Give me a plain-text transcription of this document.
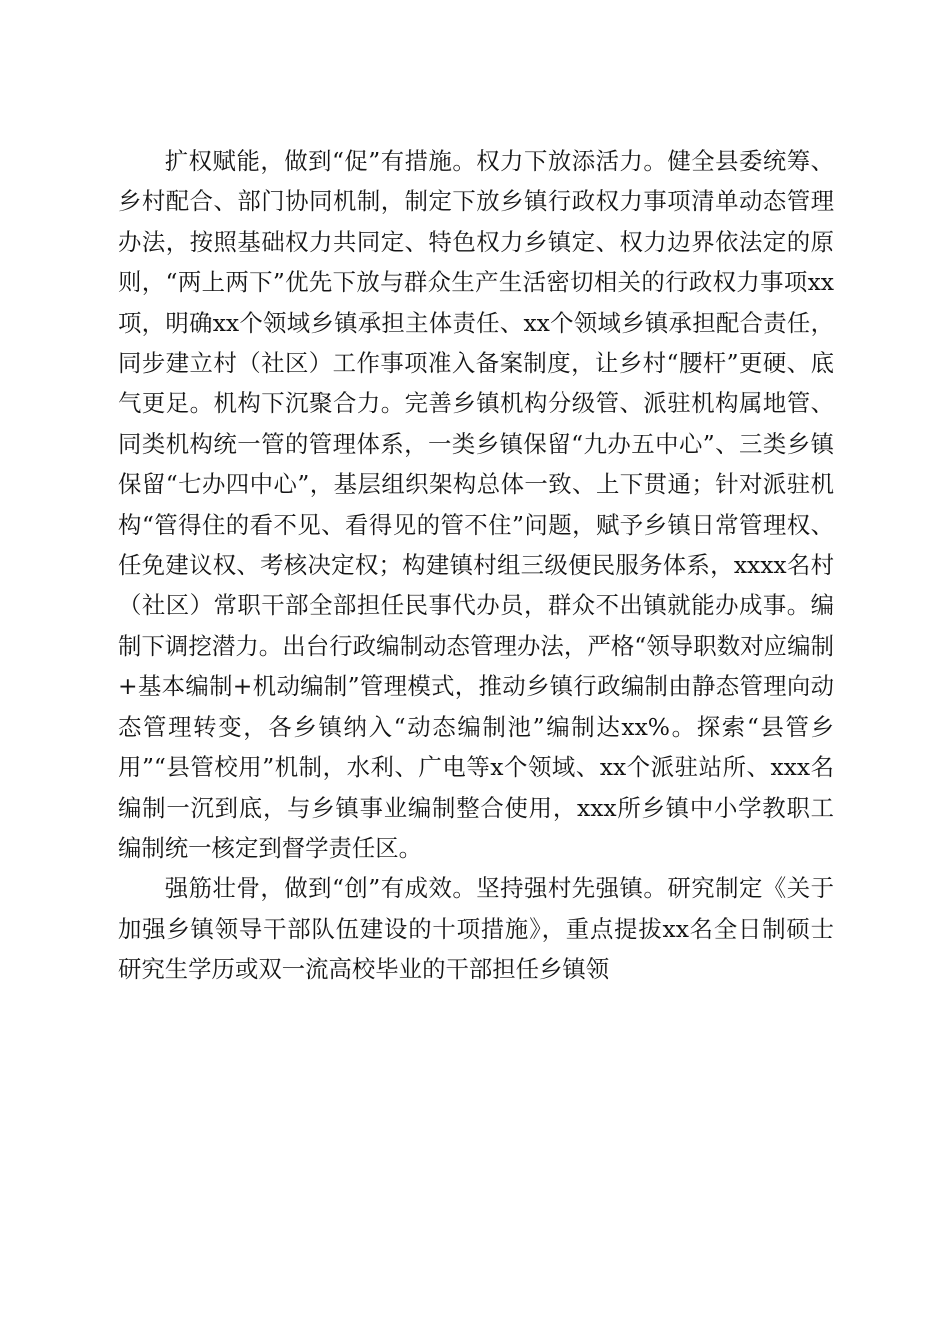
扩权赋能，做到“促”有措施。权力下放添活力。健全县委统筹、乡村配合、部门协同机制，制定下放乡镇行政权力事项清单动态管理办法，按照基础权力共同定、特色权力乡镇定、权力边界依法定的原则，“两上两下”优先下放与群众生产生活密切相关的行政权力事项xx项，明确xx个领域乡镇承担主体责任、xx个领域乡镇承担配合责任，同步建立村（社区）工作事项准入备案制度，让乡村“腰杆”更硬、底气更足。机构下沉聚合力。完善乡镇机构分级管、派驻机构属地管、同类机构统一管的管理体系，一类乡镇保留“九办五中心”、三类乡镇保留“七办四中心”，基层组织架构总体一致、上下贯通；针对派驻机构“管得住的看不见、看得见的管不住”问题，赋予乡镇日常管理权、任免建议权、考核决定权；构建镇村组三级便民服务体系，xxxx名村（社区）常职干部全部担任民事代办员，群众不出镇就能办成事。编制下调挖潜力。出台行政编制动态管理办法，严格“领导职数对应编制+基本编制+机动编制”管理模式，推动乡镇行政编制由静态管理向动态管理转变，各乡镇纳入“动态编制池”编制达xx%。探索“县管乡用”“县管校用”机制，水利、广电等x个领域、xx个派驻站所、xxx名编制一沉到底，与乡镇事业编制整合使用，xxx所乡镇中小学教职工编制统一核定到督学责任区。

强筋壮骨，做到“创”有成效。坚持强村先强镇。研究制定《关于加强乡镇领导干部队伍建设的十项措施》，重点提拔xx名全日制硕士研究生学历或双一流高校毕业的干部担任乡镇领
